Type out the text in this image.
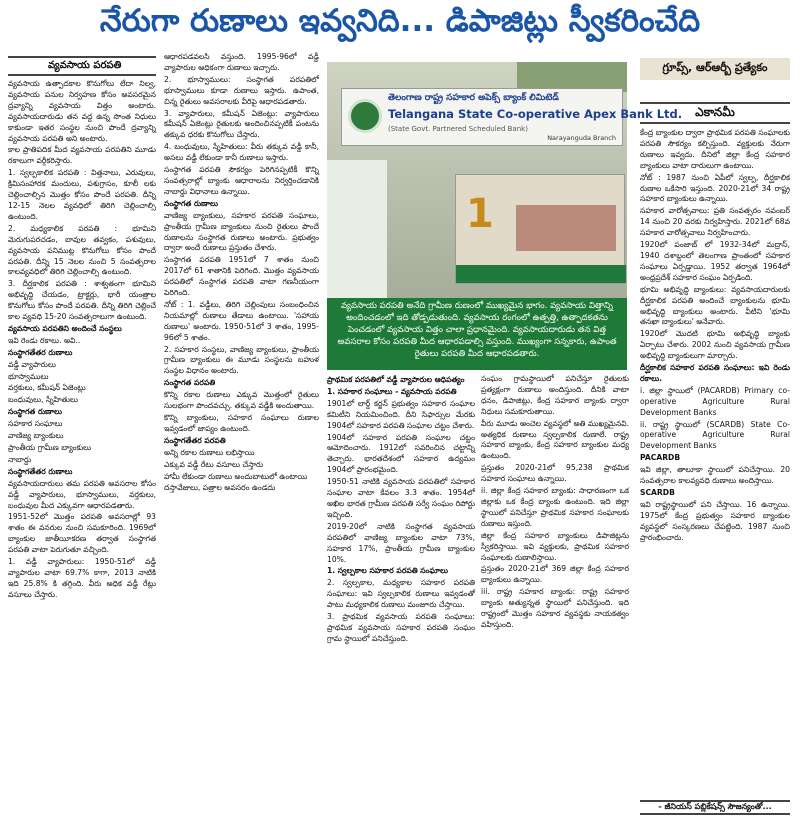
నేరుగా రుణాలు ఇవ్వనిది... డిపాజిట్లు స్వీకరించేది
వ్యవసాయ పరపతి

వ్యవసాయ ఉత్పాదకాల కొనుగోలు లేదా నిల్వ, వ్యవసాయ పనుల నిర్వహణ కోసం అవసరమైన ద్రవ్యాన్ని వ్యవసాయ విత్తం అంటారు. వ్యవసాయదారుడు తన వద్ద ఉన్న సొంత నిధులు కాకుండా ఇతర సంస్థల నుంచి పొందే ద్రవ్యాన్ని వ్యవసాయ పరపతి అని అంటారు.

కాల ప్రాతిపదిక మీద వ్యవసాయ పరపతిని మూడు రకాలుగా వర్గీకరిస్తారు.

1. స్వల్పకాలిక పరపతి : విత్తనాలు, ఎరువులు, క్రిమిసంహారక మందులు, పశుగ్రాసం, కూలీ లకు చెల్లించాల్సిన మొత్తం కోసం పొందే పరపతి. దీన్ని 12-15 నెలల వ్యవధిలో తిరిగి చెల్లించాల్సి ఉంటుంది.

2. మధ్యకాలిక పరపతి : భూమిని మెరుగుపరచడం, బావుల తవ్వకం, పశువులు, వ్యవసాయ పనిముట్ల కొనుగోలు కోసం పొందే పరపతి. దీన్ని 15 నెలల నుంచి 5 సంవత్సరాల కాలవ్యవధిలో తిరిగి చెల్లించాల్సి ఉంటుంది.

3. దీర్ఘకాలిక పరపతి : శాశ్వతంగా భూమిని అభివృద్ధి చేయడం, ట్రాక్టర్లు, భారీ యంత్రాల కొనుగోలు కోసం పొందే పరపతి. దీన్ని తిరిగి చెల్లించే కాల వ్యవధి 15-20 సంవత్సరాలుగా ఉంటుంది.

వ్యవసాయ పరపతిని అందించే సంస్థలు

ఇవి రెండు రకాలు. అవి..

సంస్థాగతేతర రుణాలు

వడ్డీ వ్యాపారులు

భూస్వాములు

వర్తకులు, కమీషన్ ఏజెంట్లు

బంధువులు, స్నేహితులు

సంస్థాగత రుణాలు

సహకార సంఘాలు

వాణిజ్య బ్యాంకులు

ప్రాంతీయ గ్రామీణ బ్యాంకులు

నాబార్డు

సంస్థాగతేతర రుణాలు

వ్యవసాయదారులు తమ పరపతి అవసరాల కోసం వడ్డీ వ్యాపారులు, భూస్వాములు, వర్తకులు, బంధువుల మీద ఎక్కువగా ఆధారపడతారు.

1951-52లో మొత్తం పరపతి అవసరాల్లో 93 శాతం ఈ వనరుల నుంచి సమకూరింది. 1969లో బ్యాంకుల జాతీయీకరణ తర్వాత సంస్థాగత పరపతి వాటా పెరుగుతూ వచ్చింది.

1. వడ్డీ వ్యాపారులు: 1950-51లో వడ్డీ వ్యాపారుల వాటా 69.7% కాగా, 2013 నాటికి ఇది 25.8% కి తగ్గింది. వీరు అధిక వడ్డీ రేట్లు వసూలు చేస్తారు.

ఆధారపడవలసి వస్తుంది. 1995-96లో వడ్డీ వ్యాపారుల అధికంగా రుణాలు ఇచ్చారు.

2. భూస్వాములు: సంస్థాగత పరపతిలో భూస్వాములు కూడా రుణాలు ఇస్తారు. ఉపాంత, చిన్న రైతులు అవసరాలకు వీరిపై ఆధారపడతారు.

3. వ్యాపారులు, కమీషన్ ఏజెంట్లు: వ్యాపారులు కమీషన్ ఏజెంట్లు రైతులకు అందించినప్పటికీ పంటను తక్కువ ధరకు కొనుగోలు చేస్తారు.

4. బంధువులు, స్నేహితులు: వీరు తక్కువ వడ్డీ కానీ, అసలు వడ్డీ లేకుండా కానీ రుణాలు ఇస్తారు.

సంస్థాగత పరపతి సౌకర్యం పెరిగినప్పటికీ కొన్ని సంవత్సరాల్లో బ్యాంకు ఆధారాలను నిర్వర్తించడానికి నాబార్డు విధానాలు ఉన్నాయి.

సంస్థాగత రుణాలు

వాణిజ్య బ్యాంకులు, సహకార పరపతి సంఘాలు, ప్రాంతీయ గ్రామీణ బ్యాంకులు నుంచి రైతులు పొందే రుణాలను సంస్థాగత రుణాలు అంటారు. ప్రభుత్వం ద్వారా అందే రుణాలు ప్రస్తుతం చేశారు.

సంస్థాగత పరపతి 1951లో 7 శాతం నుంచి 2017లో 61 శాతానికి పెరిగింది. మొత్తం వ్యవసాయ పరపతిలో సంస్థాగత పరపతి వాటా గణనీయంగా పెరిగింది.

నోట్ : 1. వడ్డీలు, తిరిగి చెల్లింపులు సంబంధించిన నియమాల్లో రుణాలు తేడాలు ఉంటాయి. 'సహాయ రుణాలు' అంటారు. 1950-51లో 3 శాతం, 1995-96లో 5 శాతం.

2. సహకార సంస్థలు, వాణిజ్య బ్యాంకులు, ప్రాంతీయ గ్రామీణ బ్యాంకులు ఈ మూడు సంస్థలను బహుళ సంస్థల విధానం అంటారు.

సంస్థాగత పరపతి

కొన్ని రకాల రుణాలు ఎక్కువ మొత్తంలో రైతులు సులభంగా పొందవచ్చు. తక్కువ వడ్డీకి అందుతాయి.

కొన్ని బ్యాంకులు, సహకార సంఘాలు రుణాల ఇవ్వడంలో జాప్యం ఉంటుంది.

సంస్థాగతేతర పరపతి

అన్ని రకాల రుణాలు లభిస్తాయి

ఎక్కువ వడ్డీ రేటు వసూలు చేస్తారు

హామీ లేకుండా రుణాలు అందుబాటులో ఉంటాయి

దస్తావేజులు, పత్రాల అవసరం ఉండదు

తెలంగాణ రాష్ట్ర సహకార అపెక్స్ బ్యాంక్ లిమిటెడ్
Telangana State Co-operative Apex Bank Ltd.
(State Govt. Partnered Scheduled Bank)
Narayanguda Branch
1
వ్యవసాయ పరపతి అనేది గ్రామీణ రుణంలో ముఖ్యమైన భాగం. వ్యవసాయ విత్తాన్ని అందించడంలో ఇది తోడ్పడుతుంది. వ్యవసాయ రంగంలో ఉత్పత్తి, ఉత్పాదకతను పెంచడంలో వ్యవసాయ విత్తం చాలా ప్రధానమైంది. వ్యవసాయదారుడు తన విత్త అవసరాల కోసం పరపతి మీద ఆధారపడాల్సి వస్తుంది. ముఖ్యంగా సన్నకారు, ఉపాంత రైతులు పరపతి మీద ఆధారపడతారు.

ప్రాథమిక పరపతిలో వడ్డీ వ్యాపారుల ఆధిపత్యం

1. సహకార సంఘాలు - వ్యవసాయ పరపతి

1901లో లార్డ్ కర్జన్ ప్రభుత్వం సహకార సంఘాల కమిటీని నియమించింది. దీని సిఫార్సుల మేరకు 1904లో సహకార పరపతి సంఘాల చట్టం చేశారు.

1904లో సహకార పరపతి సంఘాల చట్టం ఆమోదించారు. 1912లో సవరించిన చట్టాన్ని తెచ్చారు. భారతదేశంలో సహకార ఉద్యమం 1904లో ప్రారంభమైంది.

1950-51 నాటికి వ్యవసాయ పరపతిలో సహకార సంఘాల వాటా కేవలం 3.3 శాతం. 1954లో అఖిల భారత గ్రామీణ పరపతి సర్వే సంఘం రిపోర్టు ఇచ్చింది.

2019-20లో నాటికి సంస్థాగత వ్యవసాయ పరపతిలో వాణిజ్య బ్యాంకుల వాటా 73%, సహకార 17%, ప్రాంతీయ గ్రామీణ బ్యాంకుల 10%.

1. స్వల్పకాల సహకార పరపతి సంఘాలు

2. స్వల్పకాల, మధ్యకాల సహకార పరపతి సంఘాలు: ఇవి స్వల్పకాలిక రుణాలు ఇవ్వడంతో పాటు మధ్యకాలిక రుణాలు మంజూరు చేస్తాయి.

3. ప్రాథమిక వ్యవసాయ పరపతి సంఘాలు: ప్రాథమిక వ్యవసాయ సహకార పరపతి సంఘం గ్రామ స్థాయిలో పనిచేస్తుంది.

సంఘం గ్రామస్థాయిలో పనిచేస్తూ రైతులకు ప్రత్యక్షంగా రుణాలు అందిస్తుంది. దీనికి వాటా ధనం, డిపాజిట్లు, కేంద్ర సహకార బ్యాంకు ద్వారా నిధులు సమకూరుతాయి.

వీరు మూడు అంచెల వ్యవస్థలో అతి ముఖ్యమైనవి. అత్యధిక రుణాలు స్వల్పకాలిక రుణాలే. రాష్ట్ర సహకార బ్యాంకు, కేంద్ర సహకార బ్యాంకుల మధ్య ఉంటుంది.

ప్రస్తుతం 2020-21లో 95,238 ప్రాథమిక సహకార సంఘాలు ఉన్నాయి.

ii. జిల్లా కేంద్ర సహకార బ్యాంకు: సాధారణంగా ఒక జిల్లాకు ఒక కేంద్ర బ్యాంకు ఉంటుంది. ఇది జిల్లా స్థాయిలో పనిచేస్తూ ప్రాథమిక సహకార సంఘాలకు రుణాలు ఇస్తుంది.

జిల్లా కేంద్ర సహకార బ్యాంకులు డిపాజిట్లను స్వీకరిస్తాయి. ఇవి వ్యక్తులకు, ప్రాథమిక సహకార సంఘాలకు రుణాలిస్తాయి.

ప్రస్తుతం 2020-21లో 369 జిల్లా కేంద్ర సహకార బ్యాంకులు ఉన్నాయి.

iii. రాష్ట్ర సహకార బ్యాంకు: రాష్ట్ర సహకార బ్యాంకు అత్యున్నత స్థాయిలో పనిచేస్తుంది. ఇది రాష్ట్రంలో మొత్తం సహకార వ్యవస్థకు నాయకత్వం వహిస్తుంది.

గ్రూప్స్, ఆర్ఆర్బీ ప్రత్యేకం
ఎకానమీ

కేంద్ర బ్యాంకుల ద్వారా ప్రాథమిక పరపతి సంఘాలకు పరపతి సౌకర్యం కల్పిస్తుంది. వ్యక్తులకు నేరుగా రుణాలు ఇవ్వదు. దీనిలో జిల్లా కేంద్ర సహకార బ్యాంకులు వాటా దారులుగా ఉంటాయి.

నోట్ : 1987 నుంచి ఏపీలో స్వల్ప, దీర్ఘకాలిక రుణాల ఒకేసారి ఇస్తుంది. 2020-21లో 34 రాష్ట్ర సహకార బ్యాంకులు ఉన్నాయి.

సహకార వారోత్సవాలు: ప్రతి సంవత్సరం నవంబర్ 14 నుంచి 20 వరకు నిర్వహిస్తారు. 2021లో 68వ సహకార వారోత్సవాలు నిర్వహించారు.

1920లో పంజాబ్ లో 1932-34లో మద్రాస్, 1940 దశాబ్దంలో తెలంగాణ ప్రాంతంలో సహకార సంఘాలు ఏర్పడ్డాయి. 1952 తర్వాత 1964లో అంధ్రప్రదేశ్ సహకార సంఘం ఏర్పడింది.

భూమి అభివృద్ధి బ్యాంకులు: వ్యవసాయదారులకు దీర్ఘకాలిక పరపతి అందించే బ్యాంకులను భూమి అభివృద్ధి బ్యాంకులు అంటారు. వీటిని 'భూమి తనఖా బ్యాంకులు' అనేవారు.

1920లో మొదటి భూమి అభివృద్ధి బ్యాంకు ఏర్పాటు చేశారు. 2002 నుంచి వ్యవసాయ గ్రామీణ అభివృద్ధి బ్యాంకులుగా మార్చారు.

దీర్ఘకాలిక సహకార పరపతి సంఘాలు: ఇవి రెండు రకాలు.

i. జిల్లా స్థాయిలో (PACARDB) Primary co-operative Agriculture Rural Development Banks

ii. రాష్ట్ర స్థాయిలో (SCARDB) State Co-operative Agriculture Rural Development Banks

PACARDB

ఇవి జిల్లా, తాలూకా స్థాయిలో పనిచేస్తాయి. 20 సంవత్సరాల కాలవ్యవధి రుణాలు అందిస్తాయి.

SCARDB

ఇవి రాష్ట్రస్థాయిలో పని చేస్తాయి. 16 ఉన్నాయి. 1975లో కేంద్ర ప్రభుత్వం సహకార బ్యాంకుల వ్యవస్థలో సంస్కరణలు చేపట్టింది. 1987 నుంచి ప్రారంభించారు.

- జీనియస్ పబ్లికేషన్స్ సౌజన్యంతో...
